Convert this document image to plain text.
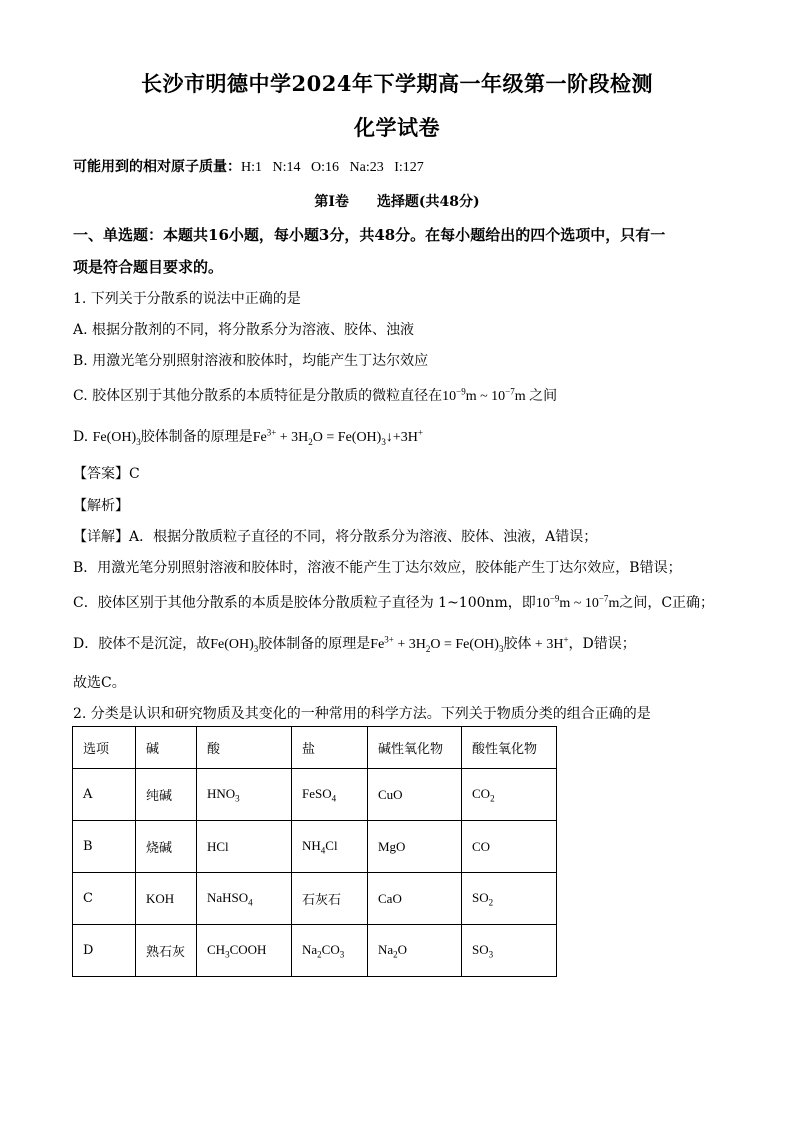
长沙市明德中学2024年下学期高一年级第一阶段检测
化学试卷
可能用到的相对原子质量：H:1   N:14   O:16   Na:23   I:127
第Ⅰ卷 选择题(共48分)
一、单选题：本题共16小题，每小题3分，共48分。在每小题给出的四个选项中，只有一
项是符合题目要求的。
1. 下列关于分散系的说法中正确的是
A. 根据分散剂的不同，将分散系分为溶液、胶体、浊液
B. 用激光笔分别照射溶液和胶体时，均能产生丁达尔效应
C. 胶体区别于其他分散系的本质特征是分散质的微粒直径在$10^{-9}m$ ~ $10^{-7}m$ 之间
D. $Fe(OH)_3$胶体制备的原理是$Fe^{3+} + 3H_2O$ = $Fe(OH)_3↓+3H^+$
【答案】C
【解析】
【详解】A．根据分散质粒子直径的不同，将分散系分为溶液、胶体、浊液，A错误；
B．用激光笔分别照射溶液和胶体时，溶液不能产生丁达尔效应，胶体能产生丁达尔效应，B错误；
C．胶体区别于其他分散系的本质是胶体分散质粒子直径为 1~100nm，即$10^{-9}m$ ~ $10^{-7}m$之间，C正确；
D．胶体不是沉淀，故$Fe(OH)_3$胶体制备的原理是$Fe^{3+} + 3H_2O = Fe(OH)_3$胶体 + 3H+，D错误；
故选C。
2. 分类是认识和研究物质及其变化的一种常用的科学方法。下列关于物质分类的组合正确的是
选项	碱	酸	盐	碱性氧化物	酸性氧化物
A	纯碱	$HNO_3$	FeSO$_4$	CuO	$CO_2$
B	烧碱	HCl	$NH_4Cl$	MgO	CO
C	KOH	NaHSO$_4$	石灰石	CaO	$SO_2$
D	熟石灰	$CH_3COOH$	$Na_2CO_3$	$Na_2O$	$SO_3$
